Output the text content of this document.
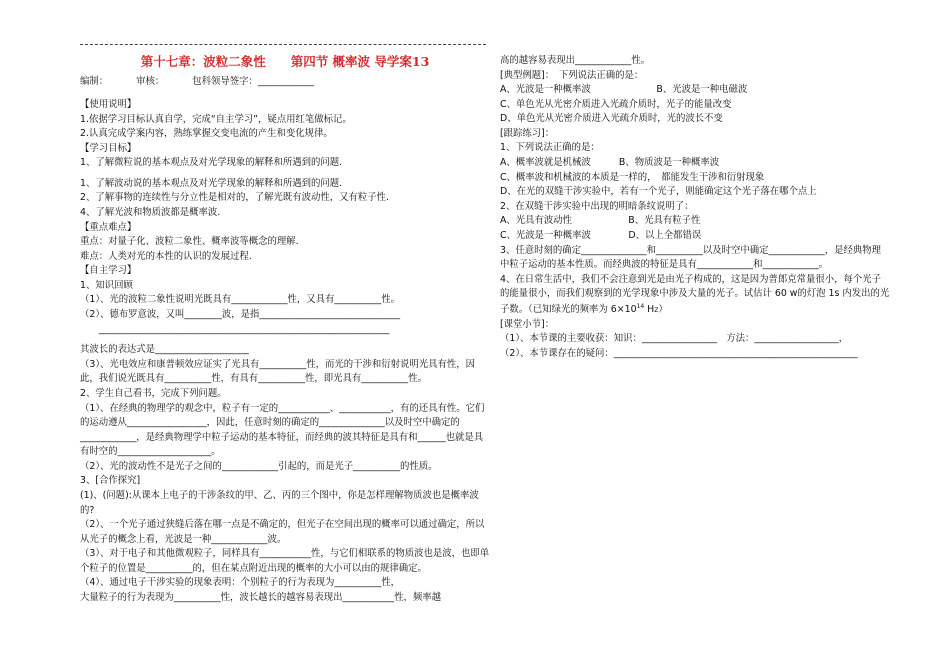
第十七章：波粒二象性　　第四节 概率波 导学案13
编制：	审核：	包科领导签字：____________
【使用说明】
1.依据学习目标认真自学，完成“自主学习”，疑点用红笔做标记。
2.认真完成学案内容，熟练掌握交变电流的产生和变化规律。
【学习目标】
1、了解微粒说的基本观点及对光学现象的解释和所遇到的问题.
1、了解波动说的基本观点及对光学现象的解释和所遇到的问题.
2、了解事物的连续性与分立性是相对的，了解光既有波动性，又有粒子性.
4、了解光波和物质波都是概率波.
【重点难点】
重点：对量子化、波粒二象性、概率波等概念的理解.
难点：人类对光的本性的认识的发展过程.
【自主学习】
1、知识回顾
（1）、光的波粒二象性说明光既具有____________性，又具有__________性。
（2）、德布罗意波，又叫________波，是指______________________________
　　______________________________________________________________
其波长的表达式是____________________
（3）、光电效应和康普顿效应证实了光具有__________性，而光的干涉和衍射说明光具有性，因此，我们说光既具有__________性，有具有__________性，即光具有__________性。
2、学生自己看书，完成下列问题。
（1）、在经典的物理学的观念中，粒子有一定的___________、___________，有的还具有性。它们的运动遵从_________________，因此，任意时刻的确定的______________以及时空中确定的____________，是经典物理学中粒子运动的基本特征，而经典的波其特征是具有和______也就是具有时空的____________________。
（2）、光的波动性不是光子之间的____________引起的，而是光子__________的性质。
3、[合作探究]
(1)、(问题):从课本上电子的干涉条纹的甲、乙、丙的三个图中，你是怎样理解物质波也是概率波的?
（2）、一个光子通过狭缝后落在哪一点是不确定的，但光子在空间出现的概率可以通过确定，所以从光子的概念上看，光波是一种____________波。
（3）、对于电子和其他微观粒子，同样具有___________性，与它们相联系的物质波也是波，也即单个粒子的位置是__________的，但在某点附近出现的概率的大小可以由的规律确定。
（4）、通过电子干涉实验的现象表明：个别粒子的行为表现为__________性，
大量粒子的行为表现为__________性，波长越长的越容易表现出___________性，频率越
高的越容易表现出____________性。
[典型例题]：　下列说法正确的是：
A、光波是一种概率波　　　　　　　B、光波是一种电磁波
C、单色光从光密介质进入光疏介质时，光子的能量改变
D、单色光从光密介质进入光疏介质时，光的波长不变
[跟踪练习]：
1、下列说法正确的是：
A、概率波就是机械波　　　B、物质波是一种概率波
C、概率波和机械波的本质是一样的，　都能发生干涉和衍射现象
D、在光的双缝干涉实验中，若有一个光子，则能确定这个光子落在哪个点上
2、在双缝干涉实验中出现的明暗条纹说明了：
A、光具有波动性　　　　　　B、光具有粒子性
C、光波是一种概率波　　　　D、以上全都错误
3、任意时刻的确定______________和__________以及时空中确定____________，是经典物理中粒子运动的基本性质。而经典波的特征是具有____________和____________。
4、在日常生活中，我们不会注意到光是由光子构成的，这是因为普郎克常量很小，每个光子的能量很小，而我们观察到的光学现象中涉及大量的光子。试估计 60 w的灯泡 1s 内发出的光子数。（已知绿光的频率为 $6\times 10^{14}$ HZ）
[课堂小节]：
（1）、本节课的主要收获：知识：________________　方法：__________________，
（2）、本节课存在的疑问：____________________________________________________
